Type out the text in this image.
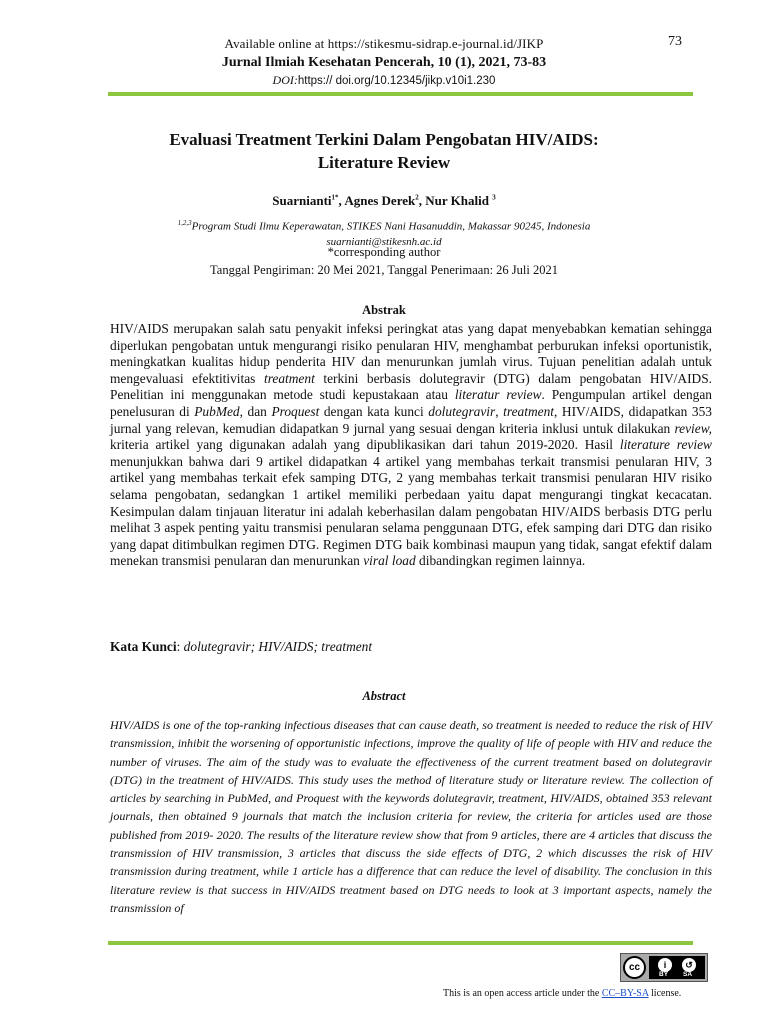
Available online at https://stikesmu-sidrap.e-journal.id/JIKP	73
Jurnal Ilmiah Kesehatan Pencerah, 10 (1), 2021, 73-83
DOI:https:// doi.org/10.12345/jikp.v10i1.230
Evaluasi Treatment Terkini Dalam Pengobatan HIV/AIDS:
Literature Review
Suarnianti$^{1*}$, Agnes Derek$^2$, Nur Khalid $^3$
$^{1,2,3}$Program Studi Ilmu Keperawatan, STIKES Nani Hasanuddin, Makassar 90245, Indonesia
suarnianti@stikesnh.ac.id
*corresponding author
Tanggal Pengiriman: 20 Mei 2021, Tanggal Penerimaan: 26 Juli 2021
Abstrak
HIV/AIDS merupakan salah satu penyakit infeksi peringkat atas yang dapat menyebabkan kematian sehingga diperlukan pengobatan untuk mengurangi risiko penularan HIV, menghambat perburukan infeksi oportunistik, meningkatkan kualitas hidup penderita HIV dan menurunkan jumlah virus. Tujuan penelitian adalah untuk mengevaluasi efektitivitas treatment terkini berbasis dolutegravir (DTG) dalam pengobatan HIV/AIDS. Penelitian ini menggunakan metode studi kepustakaan atau literatur review. Pengumpulan artikel dengan penelusuran di PubMed, dan Proquest dengan kata kunci dolutegravir, treatment, HIV/AIDS, didapatkan 353 jurnal yang relevan, kemudian didapatkan 9 jurnal yang sesuai dengan kriteria inklusi untuk dilakukan review, kriteria artikel yang digunakan adalah yang dipublikasikan dari tahun 2019-2020. Hasil literature review menunjukkan bahwa dari 9 artikel didapatkan 4 artikel yang membahas terkait transmisi penularan HIV, 3 artikel yang membahas terkait efek samping DTG, 2 yang membahas terkait transmisi penularan HIV risiko selama pengobatan, sedangkan 1 artikel memiliki perbedaan yaitu dapat mengurangi tingkat kecacatan. Kesimpulan dalam tinjauan literatur ini adalah keberhasilan dalam pengobatan HIV/AIDS berbasis DTG perlu melihat 3 aspek penting yaitu transmisi penularan selama penggunaan DTG, efek samping dari DTG dan risiko yang dapat ditimbulkan regimen DTG. Regimen DTG baik kombinasi maupun yang tidak, sangat efektif dalam menekan transmisi penularan dan menurunkan viral load dibandingkan regimen lainnya.
Kata Kunci: dolutegravir; HIV/AIDS; treatment
Abstract
HIV/AIDS is one of the top-ranking infectious diseases that can cause death, so treatment is needed to reduce the risk of HIV transmission, inhibit the worsening of opportunistic infections, improve the quality of life of people with HIV and reduce the number of viruses. The aim of the study was to evaluate the effectiveness of the current treatment based on dolutegravir (DTG) in the treatment of HIV/AIDS. This study uses the method of literature study or literature review. The collection of articles by searching in PubMed, and Proquest with the keywords dolutegravir, treatment, HIV/AIDS, obtained 353 relevant journals, then obtained 9 journals that match the inclusion criteria for review, the criteria for articles used are those published from 2019- 2020. The results of the literature review show that from 9 articles, there are 4 articles that discuss the transmission of HIV transmission, 3 articles that discuss the side effects of DTG, 2 which discusses the risk of HIV transmission during treatment, while 1 article has a difference that can reduce the level of disability. The conclusion in this literature review is that success in HIV/AIDS treatment based on DTG needs to look at 3 important aspects, namely the transmission of
cc	i	↺
BY SA
This is an open access article under the CC–BY-SA license.
